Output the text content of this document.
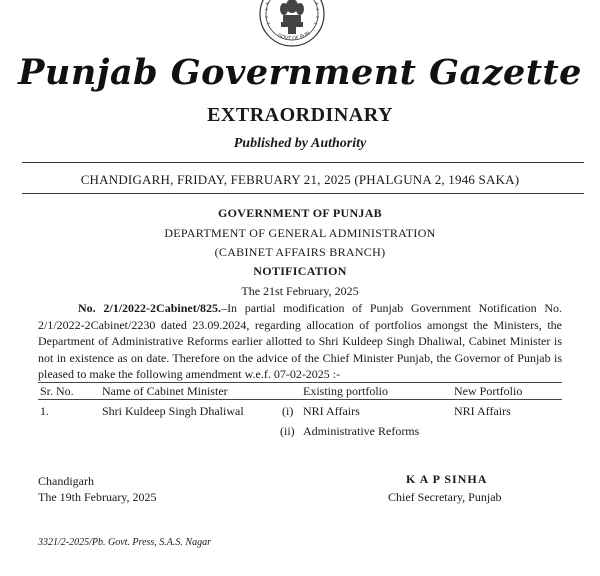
GOVT OF PUN
Punjab Government Gazette
EXTRAORDINARY
Published by Authority
CHANDIGARH, FRIDAY, FEBRUARY 21, 2025 (PHALGUNA 2, 1946 SAKA)
GOVERNMENT OF PUNJAB
DEPARTMENT OF GENERAL ADMINISTRATION
(CABINET AFFAIRS BRANCH)
NOTIFICATION
The 21st February, 2025
No. 2/1/2022-2Cabinet/825.–In partial modification of Punjab Government Notification No. 2/1/2022-2Cabinet/2230 dated 23.09.2024, regarding allocation of portfolios amongst the Ministers, the Department of Administrative Reforms earlier allotted to Shri Kuldeep Singh Dhaliwal, Cabinet Minister is not in existence as on date. Therefore on the advice of the Chief Minister Punjab, the Governor of Punjab is pleased to make the following amendment w.e.f. 07-02-2025 :-
Sr. No. Name of Cabinet Minister	Existing portfolio	New Portfolio
1.	Shri Kuldeep Singh Dhaliwal	(i) NRI Affairs	NRI Affairs
(ii) Administrative Reforms
Chandigarh
The 19th February, 2025
K A P SINHA
Chief Secretary, Punjab
3321/2-2025/Pb. Govt. Press, S.A.S. Nagar
